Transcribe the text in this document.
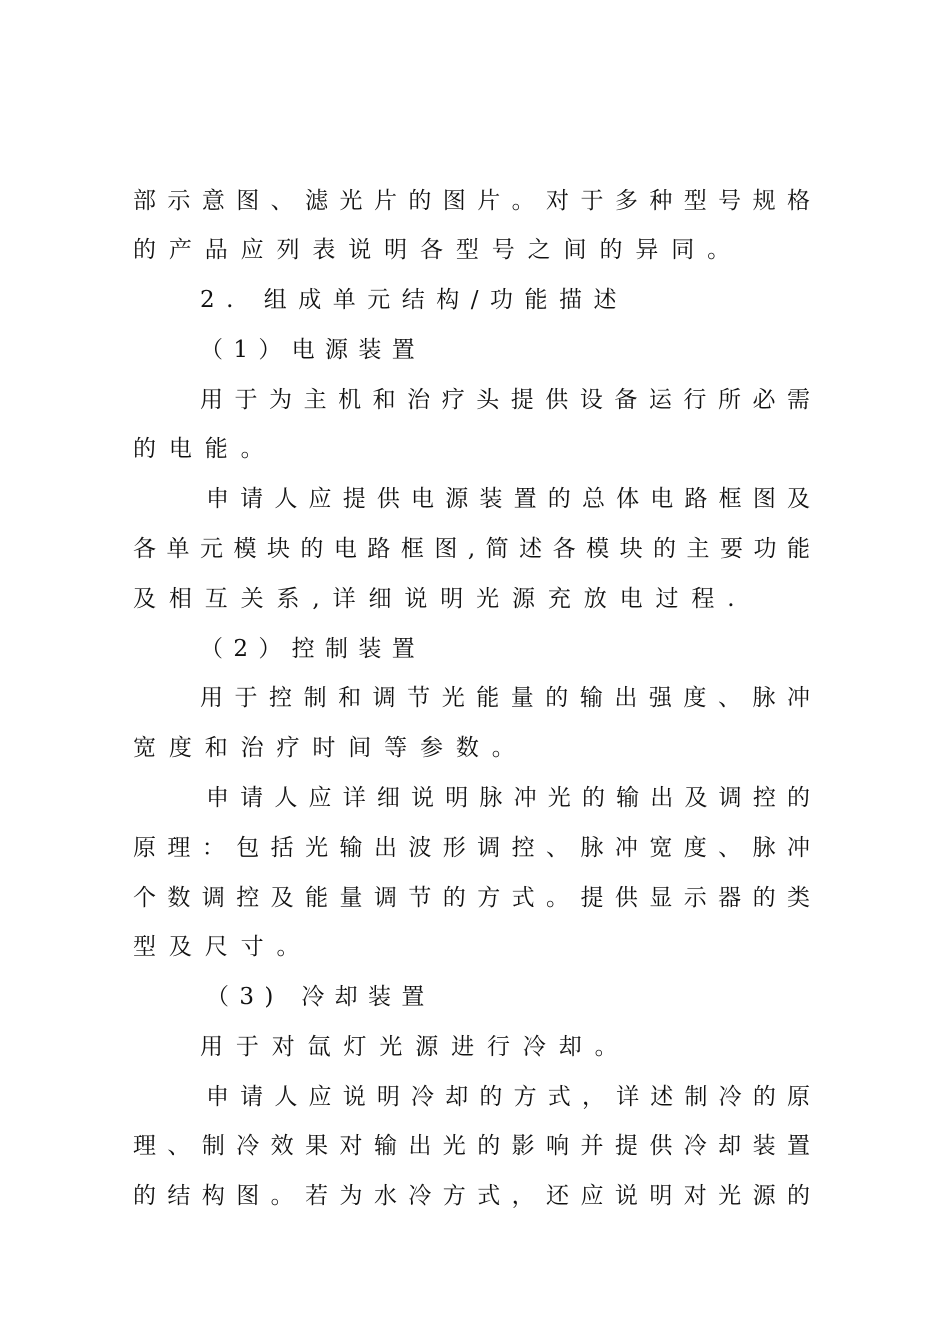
部示意图、滤光片的图片。对于多种型号规格
的产品应列表说明各型号之间的异同。
2. 组成单元结构/功能描述
（1）电源装置
用于为主机和治疗头提供设备运行所必需
的电能。
申请人应提供电源装置的总体电路框图及
各单元模块的电路框图,简述各模块的主要功能
及相互关系,详细说明光源充放电过程.
（2）控制装置
用于控制和调节光能量的输出强度、脉冲
宽度和治疗时间等参数。
申请人应详细说明脉冲光的输出及调控的
原理：包括光输出波形调控、脉冲宽度、脉冲
个数调控及能量调节的方式。提供显示器的类
型及尺寸。
（3) 冷却装置
用于对氙灯光源进行冷却。
申请人应说明冷却的方式，详述制冷的原
理、制冷效果对输出光的影响并提供冷却装置
的结构图。若为水冷方式，还应说明对光源的
